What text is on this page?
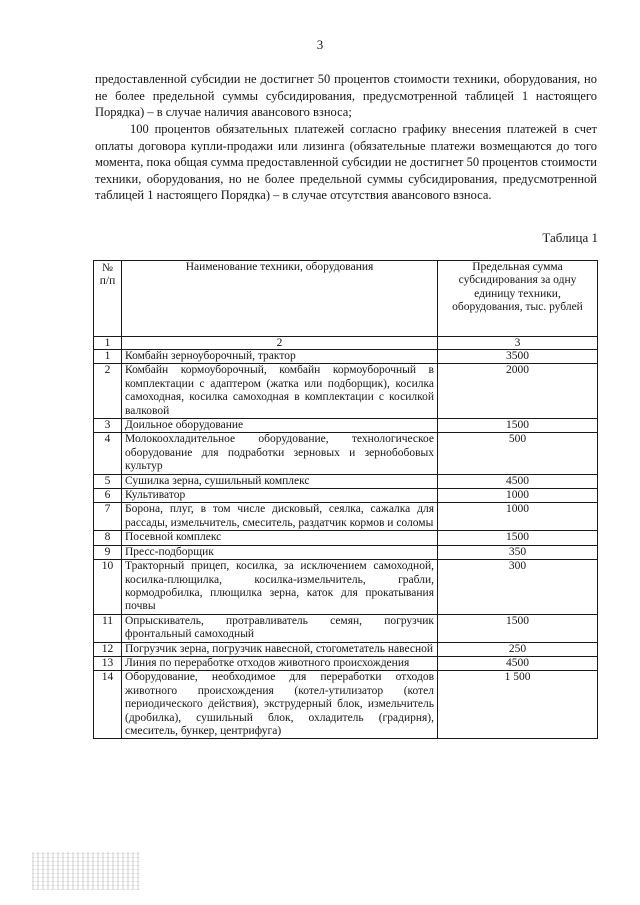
3

предоставленной субсидии не достигнет 50 процентов стоимости техники, оборудования, но не более предельной суммы субсидирования, предусмотренной таблицей 1 настоящего Порядка) – в случае наличия авансового взноса;

100 процентов обязательных платежей согласно графику внесения платежей в счет оплаты договора купли-продажи или лизинга (обязательные платежи возмещаются до того момента, пока общая сумма предоставленной субсидии не достигнет 50 процентов стоимости техники, оборудования, но не более предельной суммы субсидирования, предусмотренной таблицей 1 настоящего Порядка) – в случае отсутствия авансового взноса.

Таблица 1
№ п/п	Наименование техники, оборудования	Предельная сумма субсидирования за одну единицу техники, оборудования, тыс. рублей
1	2	3
1	Комбайн зерноуборочный, трактор	3500
2	Комбайн кормоуборочный, комбайн кормоуборочный в комплектации с адаптером (жатка или подборщик), косилка самоходная, косилка самоходная в комплектации с косилкой валковой	2000
3	Доильное оборудование	1500
4	Молокоохладительное оборудование, технологическое оборудование для подработки зерновых и зернобобовых культур	500
5	Сушилка зерна, сушильный комплекс	4500
6	Культиватор	1000
7	Борона, плуг, в том числе дисковый, сеялка, сажалка для рассады, измельчитель, смеситель, раздатчик кормов и соломы	1000
8	Посевной комплекс	1500
9	Пресс-подборщик	350
10	Тракторный прицеп, косилка, за исключением самоходной, косилка-плющилка, косилка-измельчитель, грабли, кормодробилка, плющилка зерна, каток для прокатывания почвы	300
11	Опрыскиватель, протравливатель семян, погрузчик фронтальный самоходный	1500
12	Погрузчик зерна, погрузчик навесной, стогометатель навесной	250
13	Линия по переработке отходов животного происхождения	4500
14	Оборудование, необходимое для переработки отходов животного происхождения (котел-утилизатор (котел периодического действия), экструдерный блок, измельчитель (дробилка), сушильный блок, охладитель (градирня), смеситель, бункер, центрифуга)	1 500
